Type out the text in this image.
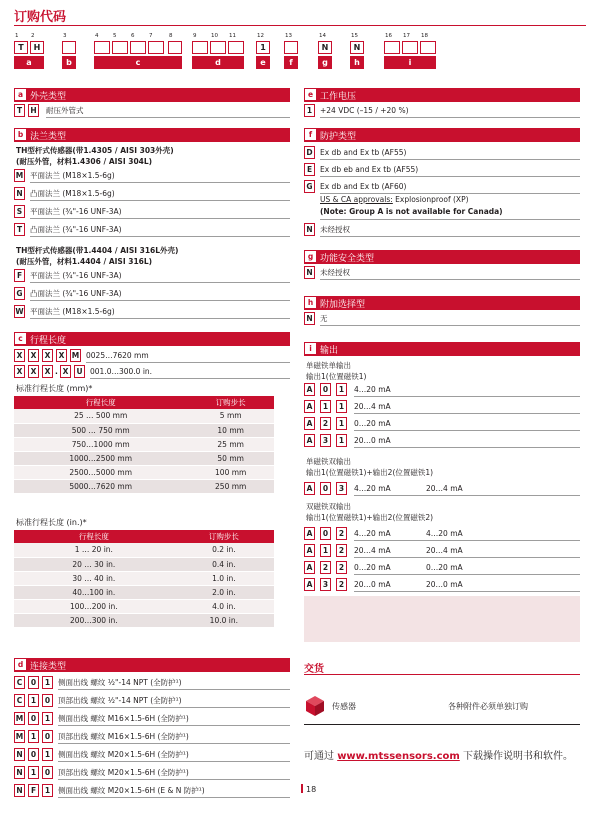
订购代码
1
T
2
H
3	4	5	6	7	8	9	10 11	12
1
13	14
N
15
N
16 17 18
a	b	c	d	e	f	g	h	i
a 外壳类型
T	H	耐压外管式
b 法兰类型
TH型杆式传感器(带1.4305 / AISI 303外壳)
(耐压外管，材料1.4306 / AISI 304L)
M 平面法兰 (M18×1.5-6g)
N 凸面法兰 (M18×1.5-6g)
S	平面法兰 (¾"-16 UNF-3A)
T	凸面法兰 (¾"-16 UNF-3A)
TH型杆式传感器(带1.4404 / AISI 316L外壳)
(耐压外管，材料1.4404 / AISI 316L)
F	平面法兰 (¾"-16 UNF-3A)
G 凸面法兰 (¾"-16 UNF-3A)
W 平面法兰 (M18×1.5-6g)
c 行程长度
X	X	X	X M 0025…7620 mm
X	X	X . X	U 001.0…300.0 in.
标准行程长度 (mm)*
行程长度	订购步长
25 … 500 mm	5 mm
500 … 750 mm	10 mm
750…1000 mm	25 mm
1000…2500 mm	50 mm
2500…5000 mm	100 mm
5000…7620 mm	250 mm
标准行程长度 (in.)*
行程长度	订购步长
1 … 20 in.	0.2 in.
20 … 30 in.	0.4 in.
30 … 40 in.	1.0 in.
40…100 in.	2.0 in.
100…200 in.	4.0 in.
200…300 in.	10.0 in.
d 连接类型
C	0	1	侧面出线 螺纹 ½"-14 NPT (全防护¹)
C	1	0	顶部出线 螺纹 ½"-14 NPT (全防护¹)
M	0	1	侧面出线 螺纹 M16×1.5-6H (全防护¹)
M	1	0	顶部出线 螺纹 M16×1.5-6H (全防护¹)
N	0	1	侧面出线 螺纹 M20×1.5-6H (全防护¹)
N	1	0	顶部出线 螺纹 M20×1.5-6H (全防护¹)
N	F	1	侧面出线 螺纹 M20×1.5-6H (E & N 防护¹)
e 工作电压
1	+24 VDC (–15 / +20 %)
f 防护类型
D Ex db and Ex tb (AF55)
E	Ex db eb and Ex tb (AF55)
G Ex db and Ex tb (AF60)
US & CA approvals: Explosionproof (XP)
(Note: Group A is not available for Canada)
N 未经授权
g 功能安全类型
N 未经授权
h 附加选择型
N 无
i 输出
单磁铁单输出
输出1(位置磁铁1)
A	0	1	4…20 mA
A	1	1	20…4 mA
A	2	1	0…20 mA
A	3	1	20…0 mA
单磁铁双输出
输出1(位置磁铁1)+输出2(位置磁铁1)
A	0	3	4…20 mA	20…4 mA
双磁铁双输出
输出1(位置磁铁1)+输出2(位置磁铁2)
A	0	2	4…20 mA	4…20 mA
A	1	2	20…4 mA	20…4 mA
A	2	2	0…20 mA	0…20 mA
A	3	2	20…0 mA	20…0 mA
交货
传感器	各种附件必须单独订购
可通过 www.mtssensors.com 下载操作说明书和软件。
18
